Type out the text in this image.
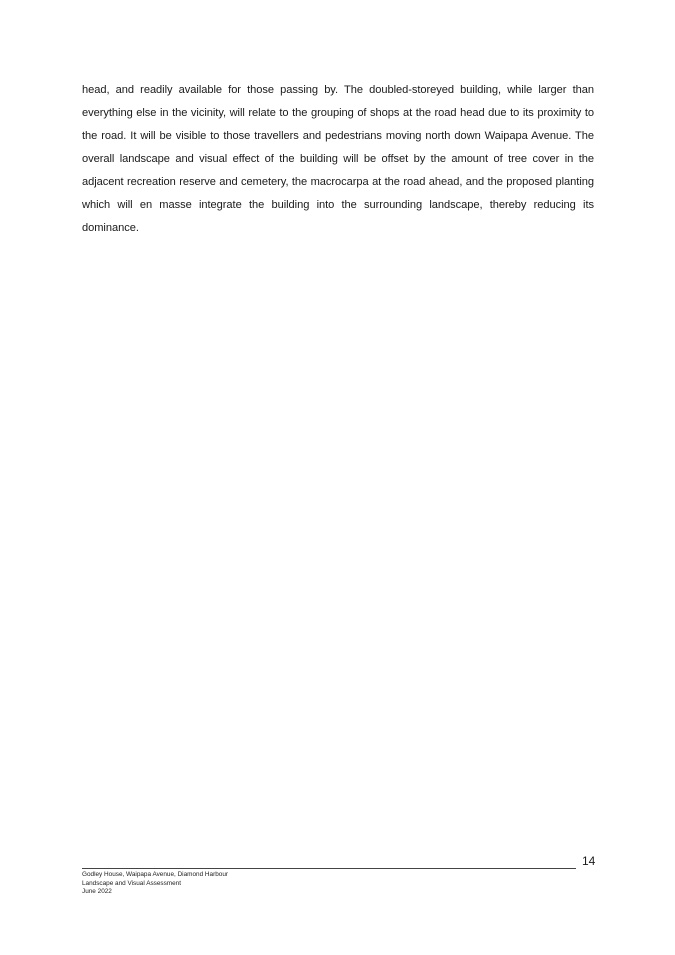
head, and readily available for those passing by. The doubled-storeyed building, while larger than everything else in the vicinity, will relate to the grouping of shops at the road head due to its proximity to the road. It will be visible to those travellers and pedestrians moving north down Waipapa Avenue. The overall landscape and visual effect of the building will be offset by the amount of tree cover in the adjacent recreation reserve and cemetery, the macrocarpa at the road ahead, and the proposed planting which will en masse integrate the building into the surrounding landscape, thereby reducing its dominance.

14

Godley House, Waipapa Avenue, Diamond Harbour
Landscape and Visual Assessment
June 2022
